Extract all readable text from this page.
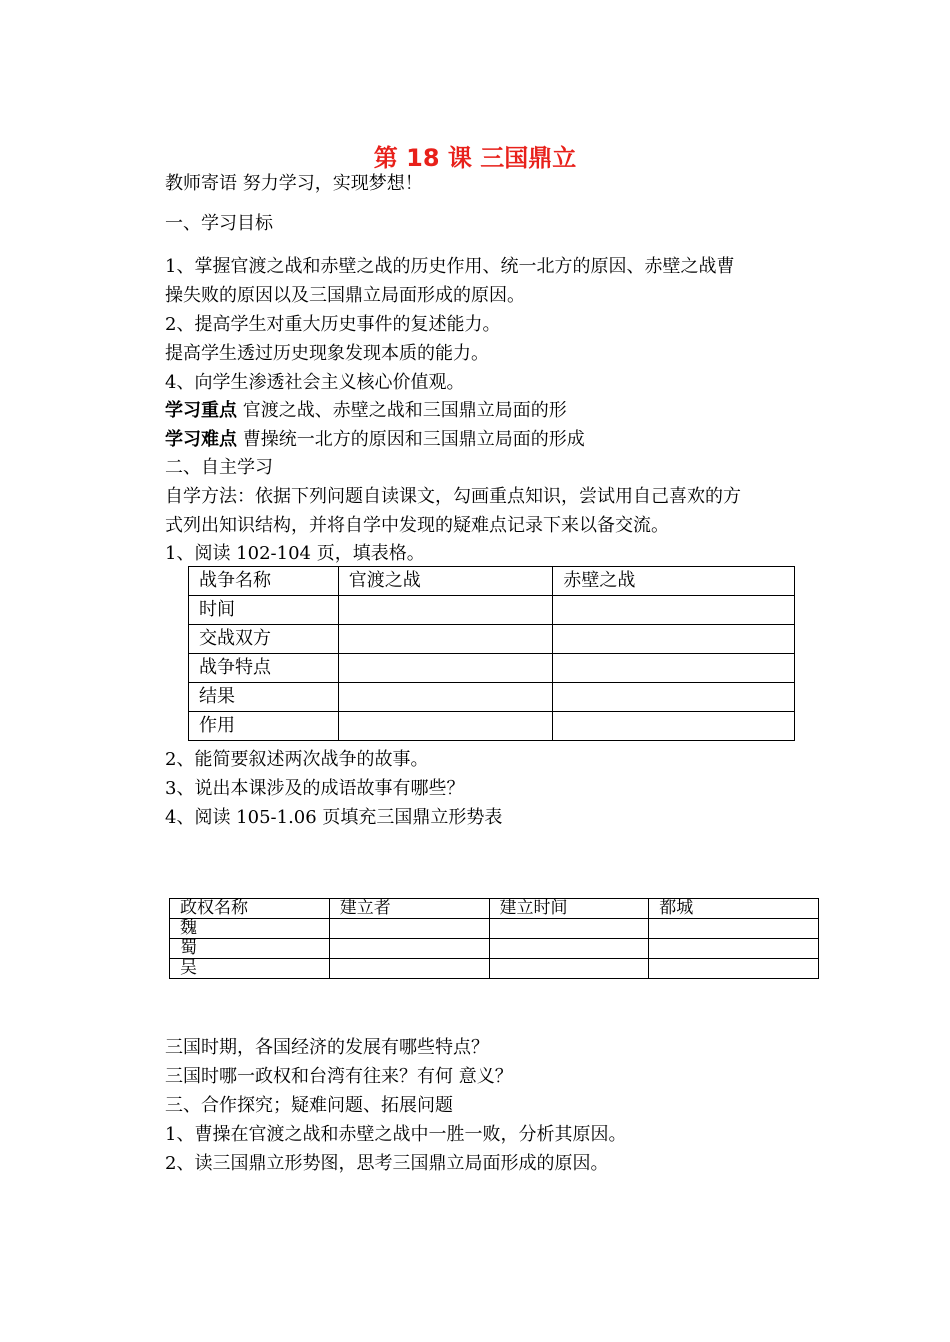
第 18 课 三国鼎立
教师寄语 努力学习，实现梦想！
一、学习目标
1、掌握官渡之战和赤壁之战的历史作用、统一北方的原因、赤壁之战曹
操失败的原因以及三国鼎立局面形成的原因。
2、提高学生对重大历史事件的复述能力。
提高学生透过历史现象发现本质的能力。
4、向学生渗透社会主义核心价值观。
学习重点 官渡之战、赤壁之战和三国鼎立局面的形
学习难点 曹操统一北方的原因和三国鼎立局面的形成
二、自主学习
自学方法：依据下列问题自读课文，勾画重点知识，尝试用自己喜欢的方
式列出知识结构，并将自学中发现的疑难点记录下来以备交流。
1、阅读 102-104 页，填表格。
战争名称	官渡之战	赤壁之战
时间		
交战双方		
战争特点		
结果		
作用		
2、能简要叙述两次战争的故事。
3、说出本课涉及的成语故事有哪些？
4、阅读 105-1.06 页填充三国鼎立形势表
政权名称	建立者	建立时间	都城
魏			
蜀			
吴			
三国时期，各国经济的发展有哪些特点？
三国时哪一政权和台湾有往来？有何 意义？
三、合作探究；疑难问题、拓展问题
1、曹操在官渡之战和赤壁之战中一胜一败，分析其原因。
2、读三国鼎立形势图，思考三国鼎立局面形成的原因。
